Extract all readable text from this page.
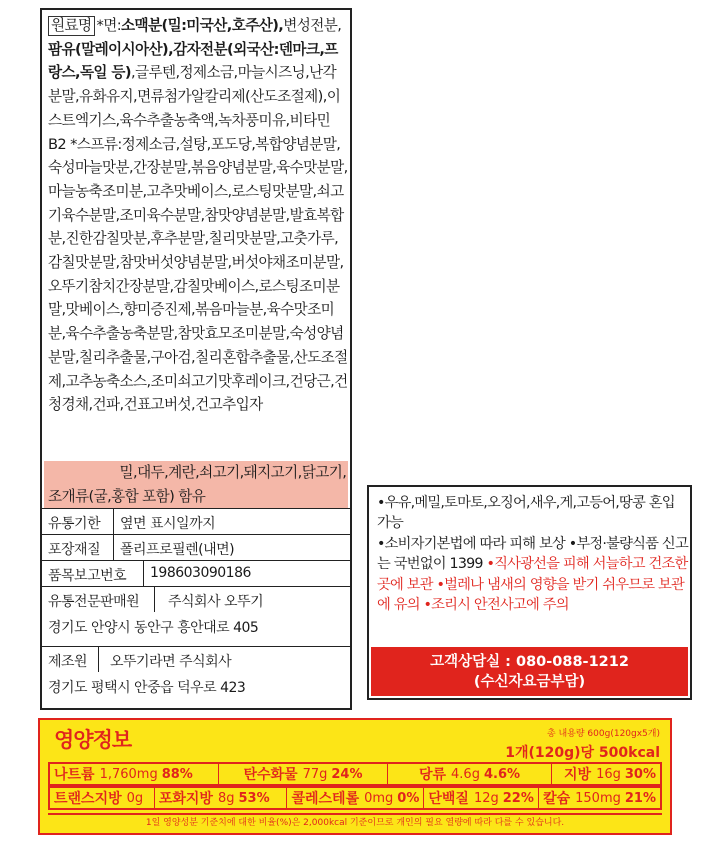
원료명 *면:소맥분(밀:미국산,호주산),변성전분,팜유(말레이시아산),감자전분(외국산:덴마크,프랑스,독일 등),글루텐,정제소금,마늘시즈닝,난각분말,유화유지,면류첨가알칼리제(산도조절제),이스트엑기스,육수추출농축액,녹차풍미유,비타민B2 *스프류:정제소금,설탕,포도당,복합양념분말,숙성마늘맛분,간장분말,볶음양념분말,육수맛분말,마늘농축조미분,고추맛베이스,로스팅맛분말,쇠고기육수분말,조미육수분말,참맛양념분말,발효복합분,진한감칠맛분,후추분말,칠리맛분말,고춧가루,감칠맛분말,참맛버섯양념분말,버섯야채조미분말,오뚜기참치간장분말,감칠맛베이스,로스팅조미분말,맛베이스,향미증진제,볶음마늘분,육수맛조미분,육수추출농축분말,참맛효모조미분말,숙성양념분말,칠리추출물,구아검,칠리혼합추출물,산도조절제,고추농축소스,조미쇠고기맛후레이크,건당근,건청경채,건파,건표고버섯,건고추입자
밀,대두,계란,쇠고기,돼지고기,닭고기,조개류(굴,홍합 포함) 함유
유통기한 옆면 표시일까지
포장재질 폴리프로필렌(내면)
품목보고번호 198603090186
유통전문판매원 주식회사 오뚜기
경기도 안양시 동안구 흥안대로 405
제조원 오뚜기라면 주식회사
경기도 평택시 안중읍 덕우로 423
•우유,메밀,토마토,오징어,새우,게,고등어,땅콩 혼입 가능
•소비자기본법에 따라 피해 보상 •부정·불량식품 신고는 국번없이 1399 •직사광선을 피해 서늘하고 건조한 곳에 보관 •벌레나 냄새의 영향을 받기 쉬우므로 보관에 유의 •조리시 안전사고에 주의
고객상담실 : 080-088-1212
(수신자요금부담)
영양정보	총 내용량 600g(120gx5개)
1개(120g)당 500kcal
나트륨 1,760mg 88%	탄수화물 77g 24%	당류 4.6g 4.6%	지방 16g 30%
트랜스지방 0g 포화지방 8g 53% 콜레스테롤 0mg 0% 단백질 12g 22% 칼슘 150mg 21%
1일 영양성분 기준치에 대한 비율(%)은 2,000kcal 기준이므로 개인의 필요 열량에 따라 다를 수 있습니다.
